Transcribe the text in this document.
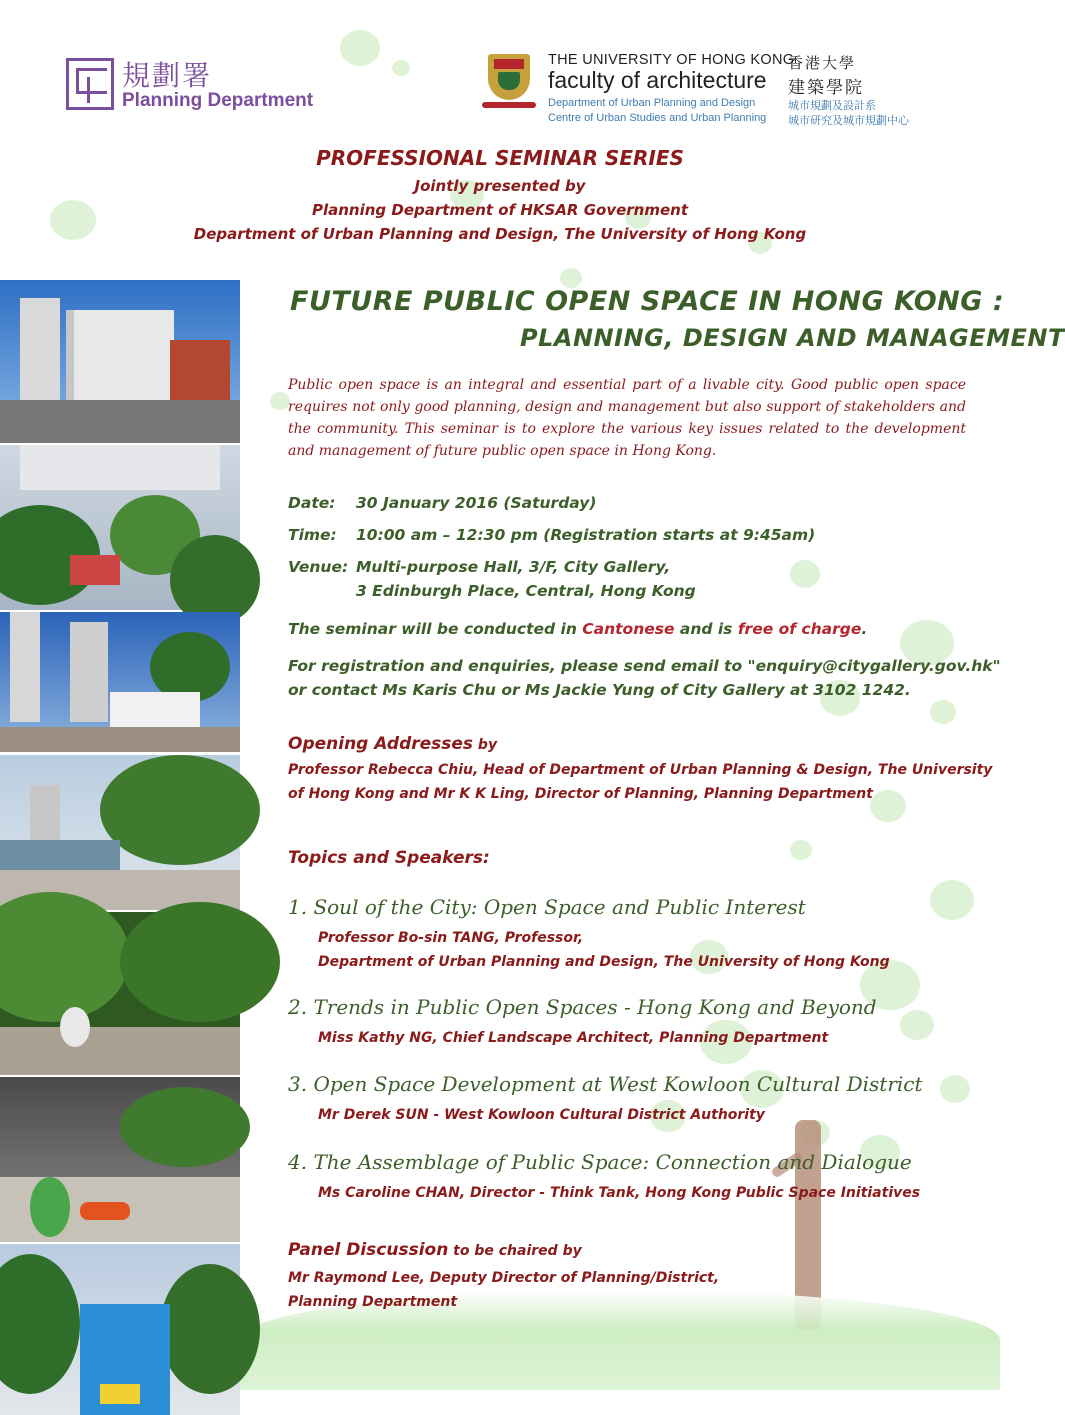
規劃署
Planning Department
THE UNIVERSITY OF HONG KONG
faculty of architecture
Department of Urban Planning and Design
Centre of Urban Studies and Urban Planning
香港大學
建築學院
城市規劃及設計系
城市研究及城市規劃中心
PROFESSIONAL SEMINAR SERIES
Jointly presented by
Planning Department of HKSAR Government
Department of Urban Planning and Design, The University of Hong Kong
FUTURE PUBLIC OPEN SPACE IN HONG KONG :
PLANNING, DESIGN AND MANAGEMENT
Public open space is an integral and essential part of a livable city. Good public open space requires not only good planning, design and management but also support of stakeholders and the community. This seminar is to explore the various key issues related to the development and management of future public open space in Hong Kong.
Date: 30 January 2016 (Saturday)
Time: 10:00 am – 12:30 pm (Registration starts at 9:45am)
Venue: Multi-purpose Hall, 3/F, City Gallery,
3 Edinburgh Place, Central, Hong Kong
The seminar will be conducted in Cantonese and is free of charge.
For registration and enquiries, please send email to "enquiry@citygallery.gov.hk"
or contact Ms Karis Chu or Ms Jackie Yung of City Gallery at 3102 1242.
Opening Addresses by
Professor Rebecca Chiu, Head of Department of Urban Planning & Design, The University
of Hong Kong and Mr K K Ling, Director of Planning, Planning Department
Topics and Speakers:
1. Soul of the City: Open Space and Public Interest
Professor Bo-sin TANG, Professor,
Department of Urban Planning and Design, The University of Hong Kong
2. Trends in Public Open Spaces - Hong Kong and Beyond
Miss Kathy NG, Chief Landscape Architect, Planning Department
3. Open Space Development at West Kowloon Cultural District
Mr Derek SUN - West Kowloon Cultural District Authority
4. The Assemblage of Public Space: Connection and Dialogue
Ms Caroline CHAN, Director - Think Tank, Hong Kong Public Space Initiatives
Panel Discussion to be chaired by
Mr Raymond Lee, Deputy Director of Planning/District,
Planning Department
